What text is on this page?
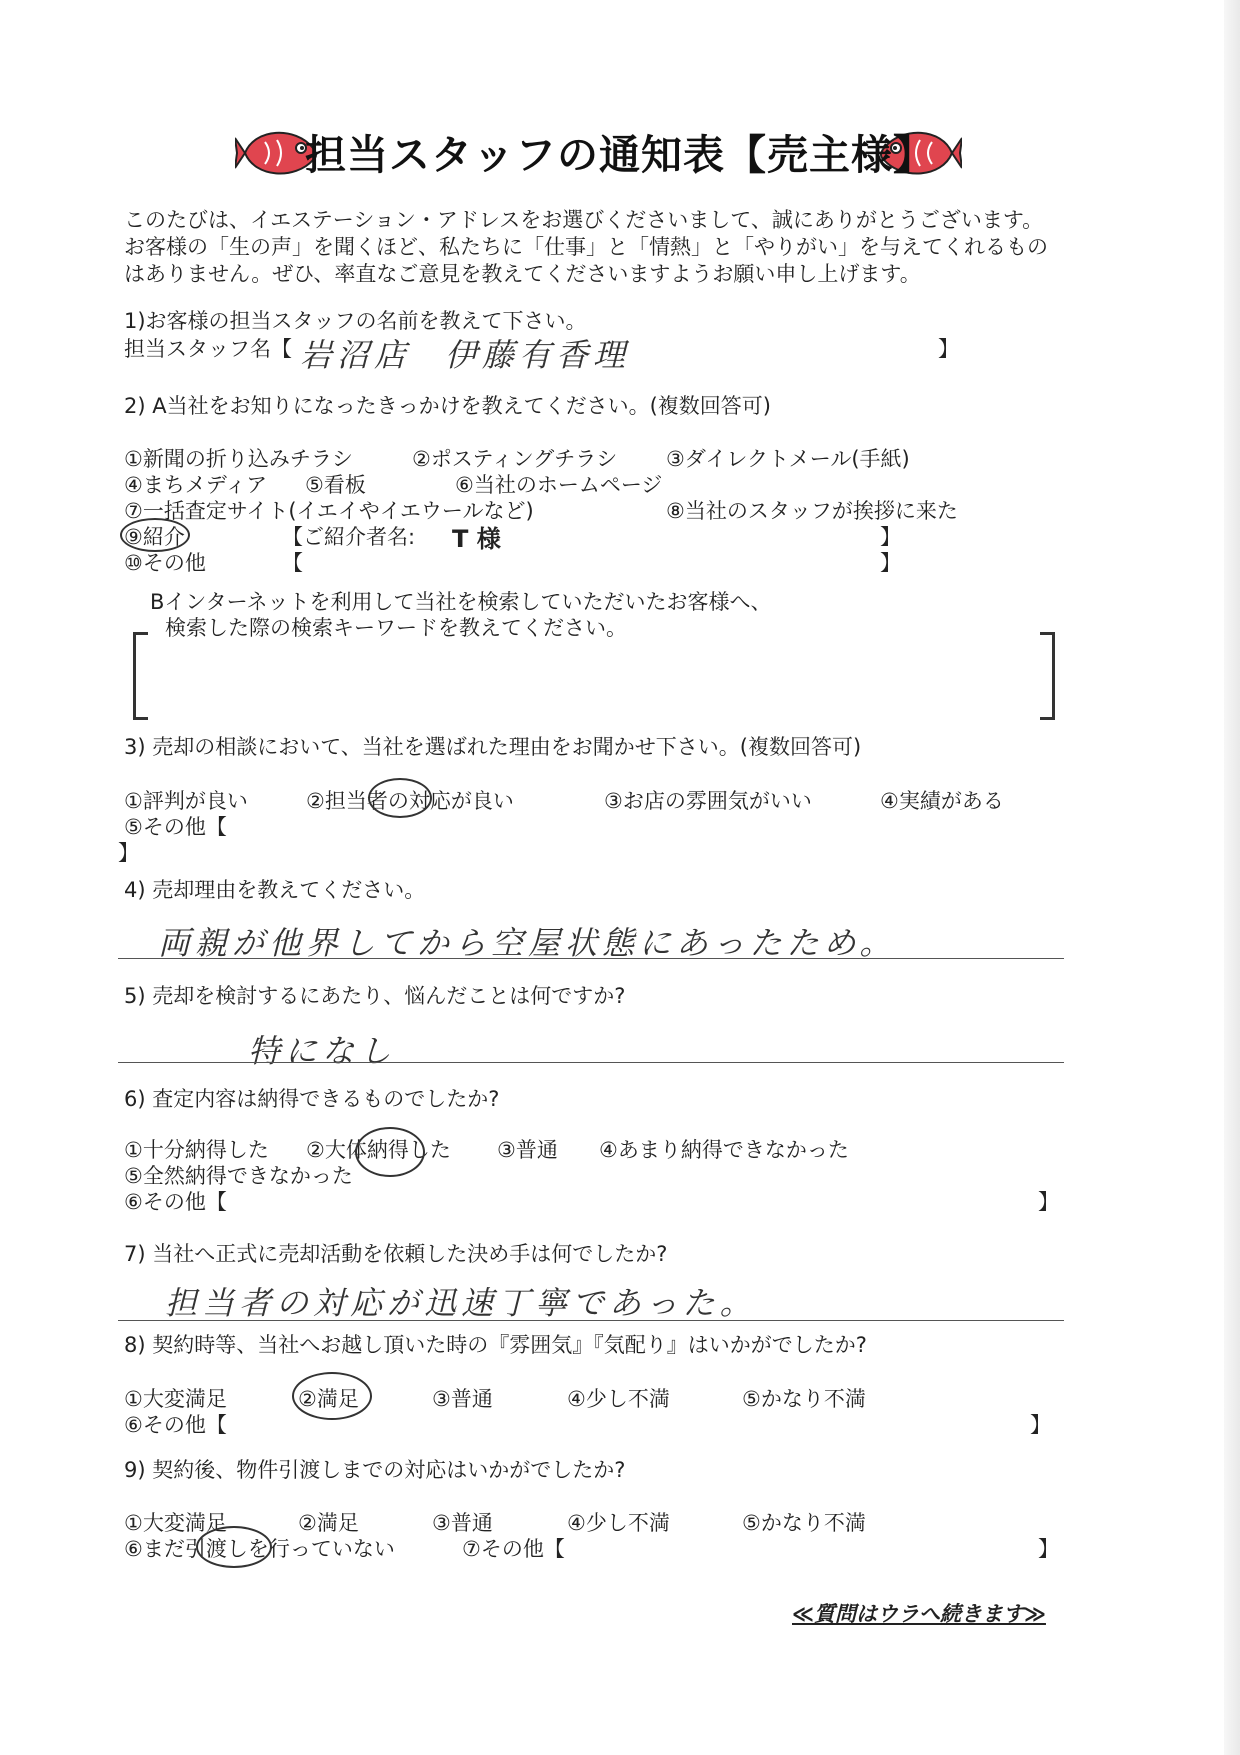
担当スタッフの通知表【売主様】
このたびは、イエステーション・アドレスをお選びくださいまして、誠にありがとうございます。お客様の「生の声」を聞くほど、私たちに「仕事」と「情熱」と「やりがい」を与えてくれるものはありません。ぜひ、率直なご意見を教えてくださいますようお願い申し上げます。
1)お客様の担当スタッフの名前を教えて下さい。
担当スタッフ名【 岩沼店 伊藤有香理	】
2) A当社をお知りになったきっかけを教えてください。(複数回答可)
①新聞の折り込みチラシ	②ポスティングチラシ ③ダイレクトメール(手紙)
④まちメディア ⑤看板	⑥当社のホームページ
⑦一括査定サイト(イエイやイエウールなど)	⑧当社のスタッフが挨拶に来た
⑨紹介	【ご紹介者名: T 様	】
⑩その他	【	】
Bインターネットを利用して当社を検索していただいたお客様へ、
検索した際の検索キーワードを教えてください。
3) 売却の相談において、当社を選ばれた理由をお聞かせ下さい。(複数回答可)
①評判が良い	②担当者の対応が良い	③お店の雰囲気がいい	④実績がある
⑤その他【
】
4) 売却理由を教えてください。
両親が他界してから空屋状態にあったため。
5) 売却を検討するにあたり、悩んだことは何ですか?
特になし
6) 査定内容は納得できるものでしたか?
①十分納得した ②大体納得した ③普通 ④あまり納得できなかった
⑤全然納得できなかった
⑥その他【	】
7) 当社へ正式に売却活動を依頼した決め手は何でしたか?
担当者の対応が迅速丁寧であった。
8) 契約時等、当社へお越し頂いた時の『雰囲気』『気配り』はいかがでしたか?
①大変満足	②満足	③普通	④少し不満	⑤かなり不満
⑥その他【	】
9) 契約後、物件引渡しまでの対応はいかがでしたか?
①大変満足	②満足	③普通	④少し不満	⑤かなり不満
⑥まだ引渡しを行っていない	⑦その他【	】
≪質問はウラへ続きます≫
